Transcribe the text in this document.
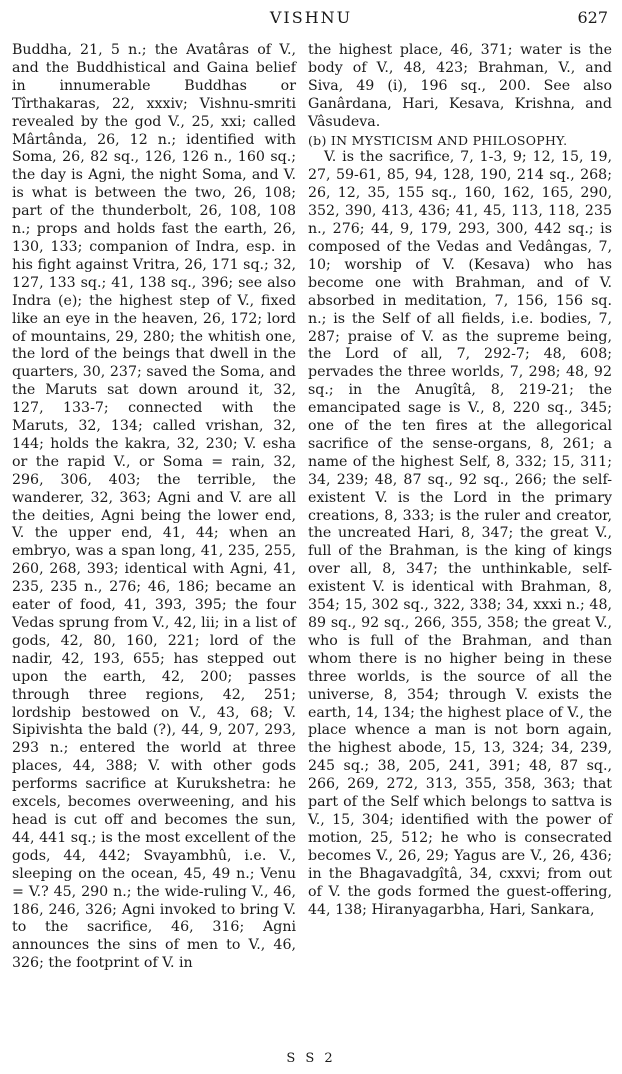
VISHNU	627

Buddha, 21, 5 n.; the Avatâras of V., and the Buddhistical and Gaina belief in innumerable Buddhas or Tîrthakaras, 22, xxxiv; Vishnu-smriti revealed by the god V., 25, xxi; called Mârtânda, 26, 12 n.; identified with Soma, 26, 82 sq., 126, 126 n., 160 sq.; the day is Agni, the night Soma, and V. is what is between the two, 26, 108; part of the thunderbolt, 26, 108, 108 n.; props and holds fast the earth, 26, 130, 133; companion of Indra, esp. in his fight against Vritra, 26, 171 sq.; 32, 127, 133 sq.; 41, 138 sq., 396; see also Indra (e); the highest step of V., fixed like an eye in the heaven, 26, 172; lord of mountains, 29, 280; the whitish one, the lord of the beings that dwell in the quarters, 30, 237; saved the Soma, and the Maruts sat down around it, 32, 127, 133-7; connected with the Maruts, 32, 134; called vrishan, 32, 144; holds the kakra, 32, 230; V. esha or the rapid V., or Soma = rain, 32, 296, 306, 403; the terrible, the wanderer, 32, 363; Agni and V. are all the deities, Agni being the lower end, V. the upper end, 41, 44; when an embryo, was a span long, 41, 235, 255, 260, 268, 393; identical with Agni, 41, 235, 235 n., 276; 46, 186; became an eater of food, 41, 393, 395; the four Vedas sprung from V., 42, lii; in a list of gods, 42, 80, 160, 221; lord of the nadir, 42, 193, 655; has stepped out upon the earth, 42, 200; passes through three regions, 42, 251; lordship bestowed on V., 43, 68; V. Sipivishta the bald (?), 44, 9, 207, 293, 293 n.; entered the world at three places, 44, 388; V. with other gods performs sacrifice at Kurukshetra: he excels, becomes overweening, and his head is cut off and becomes the sun, 44, 441 sq.; is the most excellent of the gods, 44, 442; Svayambhû, i.e. V., sleeping on the ocean, 45, 49 n.; Venu = V.? 45, 290 n.; the wide-ruling V., 46, 186, 246, 326; Agni invoked to bring V. to the sacrifice, 46, 316; Agni announces the sins of men to V., 46, 326; the footprint of V. in

the highest place, 46, 371; water is the body of V., 48, 423; Brahman, V., and Siva, 49 (i), 196 sq., 200. See also Ganârdana, Hari, Kesava, Krishna, and Vâsudeva.

(b) IN MYSTICISM AND PHILOSOPHY.

V. is the sacrifice, 7, 1-3, 9; 12, 15, 19, 27, 59-61, 85, 94, 128, 190, 214 sq., 268; 26, 12, 35, 155 sq., 160, 162, 165, 290, 352, 390, 413, 436; 41, 45, 113, 118, 235 n., 276; 44, 9, 179, 293, 300, 442 sq.; is composed of the Vedas and Vedângas, 7, 10; worship of V. (Kesava) who has become one with Brahman, and of V. absorbed in meditation, 7, 156, 156 sq. n.; is the Self of all fields, i.e. bodies, 7, 287; praise of V. as the supreme being, the Lord of all, 7, 292-7; 48, 608; pervades the three worlds, 7, 298; 48, 92 sq.; in the Anugîtâ, 8, 219-21; the emancipated sage is V., 8, 220 sq., 345; one of the ten fires at the allegorical sacrifice of the sense-organs, 8, 261; a name of the highest Self, 8, 332; 15, 311; 34, 239; 48, 87 sq., 92 sq., 266; the self-existent V. is the Lord in the primary creations, 8, 333; is the ruler and creator, the uncreated Hari, 8, 347; the great V., full of the Brahman, is the king of kings over all, 8, 347; the unthinkable, self-existent V. is identical with Brahman, 8, 354; 15, 302 sq., 322, 338; 34, xxxi n.; 48, 89 sq., 92 sq., 266, 355, 358; the great V., who is full of the Brahman, and than whom there is no higher being in these three worlds, is the source of all the universe, 8, 354; through V. exists the earth, 14, 134; the highest place of V., the place whence a man is not born again, the highest abode, 15, 13, 324; 34, 239, 245 sq.; 38, 205, 241, 391; 48, 87 sq., 266, 269, 272, 313, 355, 358, 363; that part of the Self which belongs to sattva is V., 15, 304; identified with the power of motion, 25, 512; he who is consecrated becomes V., 26, 29; Yagus are V., 26, 436; in the Bhagavadgîtâ, 34, cxxvi; from out of V. the gods formed the guest-offering, 44, 138; Hiranyagarbha, Hari, Sankara,

S S 2
